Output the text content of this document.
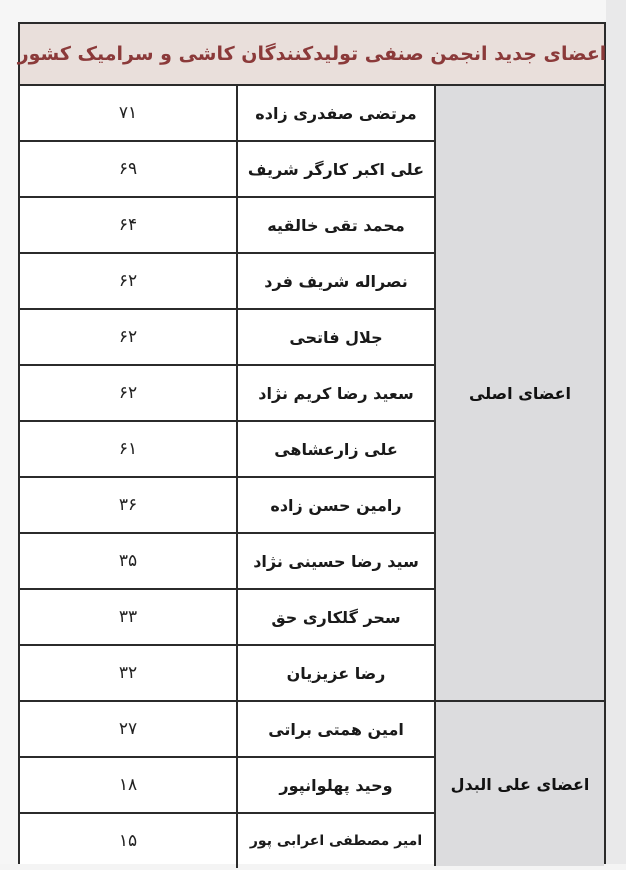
اعضای جدید انجمن صنفی تولیدکنندگان کاشی و سرامیک کشور
اعضای اصلی
اعضای علی البدل
مرتضی صفدری زاده
۷۱
علی اکبر کارگر شریف
۶۹
محمد تقی خالقیه
۶۴
نصراله شریف فرد
۶۲
جلال فاتحی
۶۲
سعید رضا کریم نژاد
۶۲
علی زارعشاهی
۶۱
رامین حسن زاده
۳۶
سید رضا حسینی نژاد
۳۵
سحر گلکاری حق
۳۳
رضا عزیزیان
۳۲
امین همتی براتی
۲۷
وحید پهلوانپور
۱۸
امیر مصطفی اعرابی پور
۱۵
